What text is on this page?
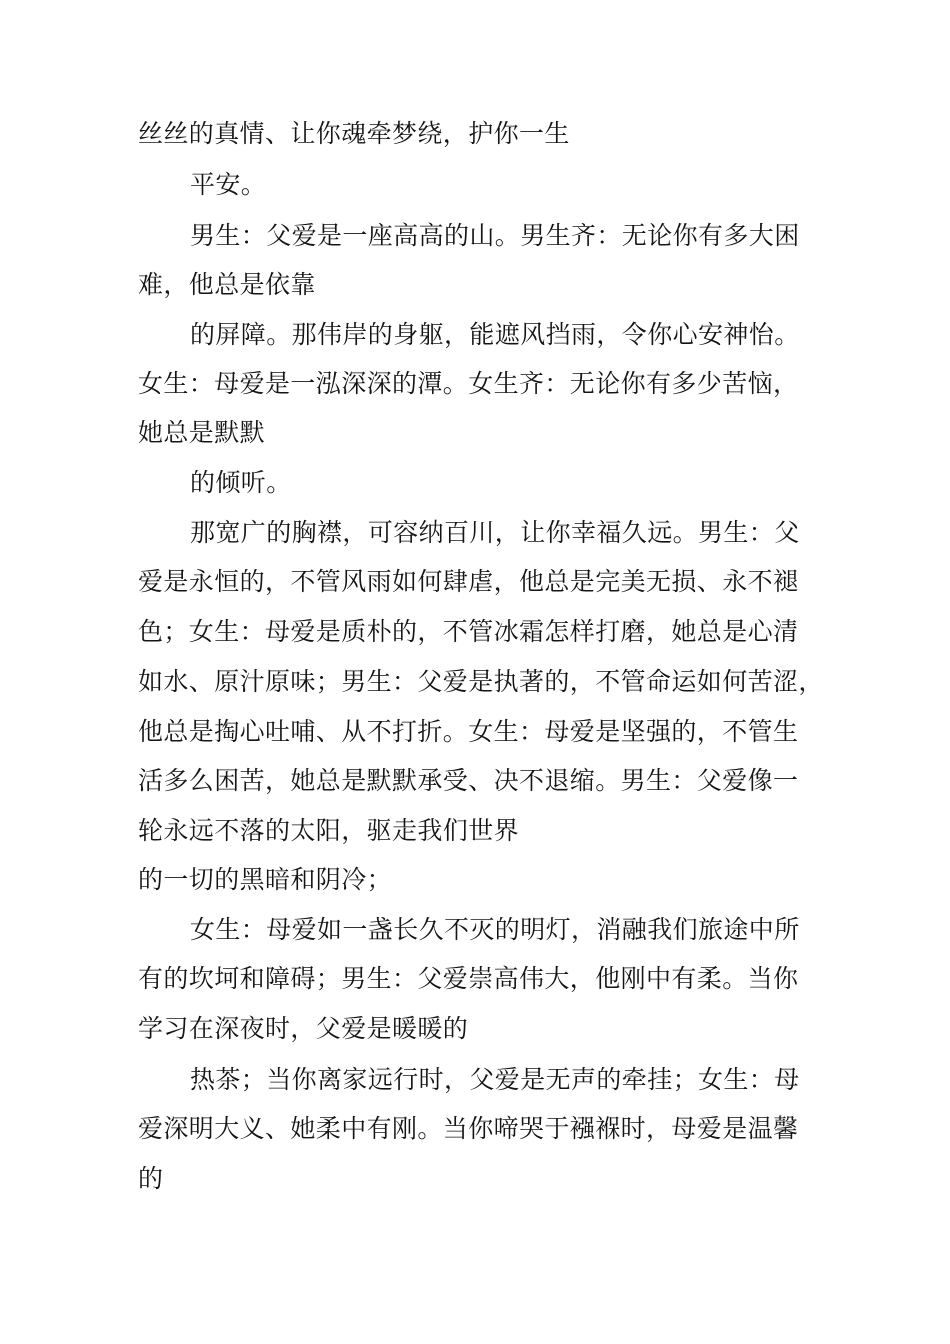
丝丝的真情、让你魂牵梦绕，护你一生
平安。
男生：父爱是一座高高的山。男生齐：无论你有多大困
难，他总是依靠
的屏障。那伟岸的身躯，能遮风挡雨，令你心安神怡。
女生：母爱是一泓深深的潭。女生齐：无论你有多少苦恼，
她总是默默
的倾听。
那宽广的胸襟，可容纳百川，让你幸福久远。男生：父
爱是永恒的，不管风雨如何肆虐，他总是完美无损、永不褪
色；女生：母爱是质朴的，不管冰霜怎样打磨，她总是心清
如水、原汁原味；男生：父爱是执著的，不管命运如何苦涩，
他总是掏心吐哺、从不打折。女生：母爱是坚强的，不管生
活多么困苦，她总是默默承受、决不退缩。男生：父爱像一
轮永远不落的太阳，驱走我们世界
的一切的黑暗和阴冷；
女生：母爱如一盏长久不灭的明灯，消融我们旅途中所
有的坎坷和障碍；男生：父爱崇高伟大，他刚中有柔。当你
学习在深夜时，父爱是暖暖的
热茶；当你离家远行时，父爱是无声的牵挂；女生：母
爱深明大义、她柔中有刚。当你啼哭于襁褓时，母爱是温馨
的
